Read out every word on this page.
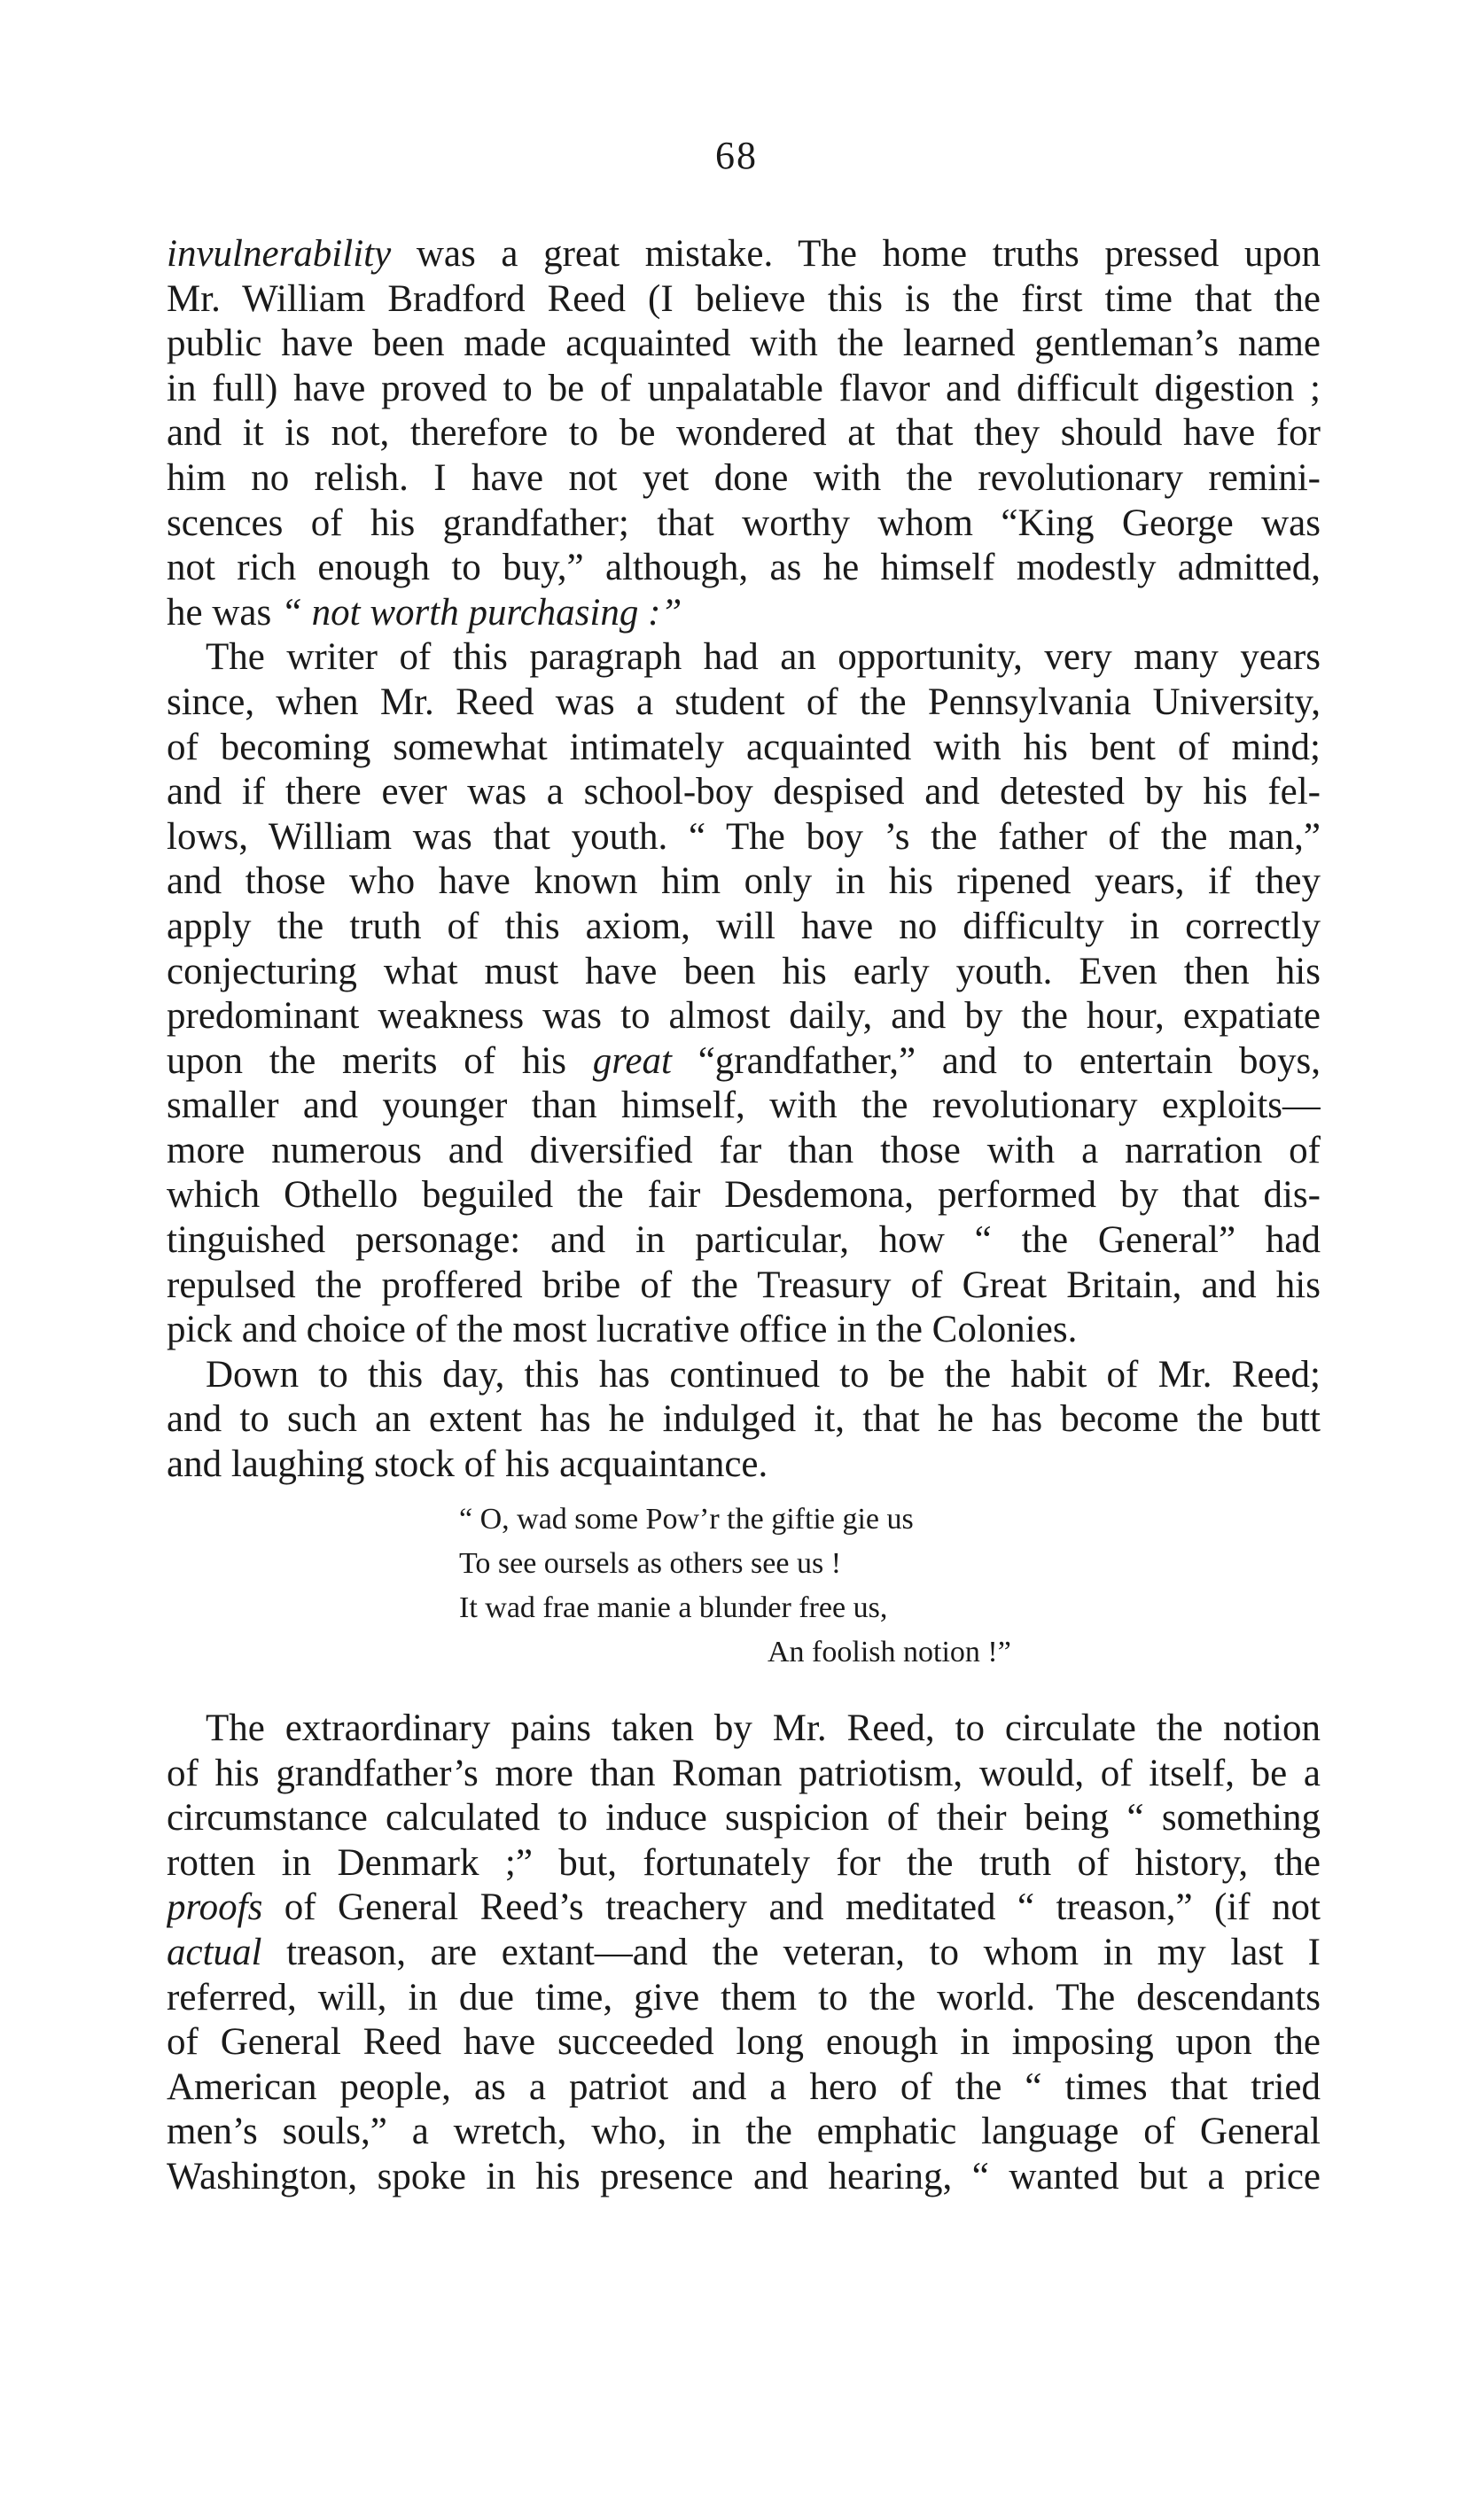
68
invulnerability was a great mistake. The home truths pressed upon
Mr. William Bradford Reed (I believe this is the first time that the
public have been made acquainted with the learned gentleman’s name
in full) have proved to be of unpalatable flavor and difficult digestion ;
and it is not, therefore to be wondered at that they should have for
him no relish. I have not yet done with the revolutionary remini-
scences of his grandfather; that worthy whom “King George was
not rich enough to buy,” although, as he himself modestly admitted,
he was “ not worth purchasing :”
The writer of this paragraph had an opportunity, very many years
since, when Mr. Reed was a student of the Pennsylvania University,
of becoming somewhat intimately acquainted with his bent of mind;
and if there ever was a school-boy despised and detested by his fel-
lows, William was that youth. “ The boy ’s the father of the man,”
and those who have known him only in his ripened years, if they
apply the truth of this axiom, will have no difficulty in correctly
conjecturing what must have been his early youth. Even then his
predominant weakness was to almost daily, and by the hour, expatiate
upon the merits of his great “grandfather,” and to entertain boys,
smaller and younger than himself, with the revolutionary exploits—
more numerous and diversified far than those with a narration of
which Othello beguiled the fair Desdemona, performed by that dis-
tinguished personage: and in particular, how “ the General” had
repulsed the proffered bribe of the Treasury of Great Britain, and his
pick and choice of the most lucrative office in the Colonies.
Down to this day, this has continued to be the habit of Mr. Reed;
and to such an extent has he indulged it, that he has become the butt
and laughing stock of his acquaintance.
“ O, wad some Pow’r the giftie gie us
To see oursels as others see us !
It wad frae manie a blunder free us,
An foolish notion !”
The extraordinary pains taken by Mr. Reed, to circulate the notion
of his grandfather’s more than Roman patriotism, would, of itself, be a
circumstance calculated to induce suspicion of their being “ something
rotten in Denmark ;” but, fortunately for the truth of history, the
proofs of General Reed’s treachery and meditated “ treason,” (if not
actual treason, are extant—and the veteran, to whom in my last I
referred, will, in due time, give them to the world. The descendants
of General Reed have succeeded long enough in imposing upon the
American people, as a patriot and a hero of the “ times that tried
men’s souls,” a wretch, who, in the emphatic language of General
Washington, spoke in his presence and hearing, “ wanted but a price
